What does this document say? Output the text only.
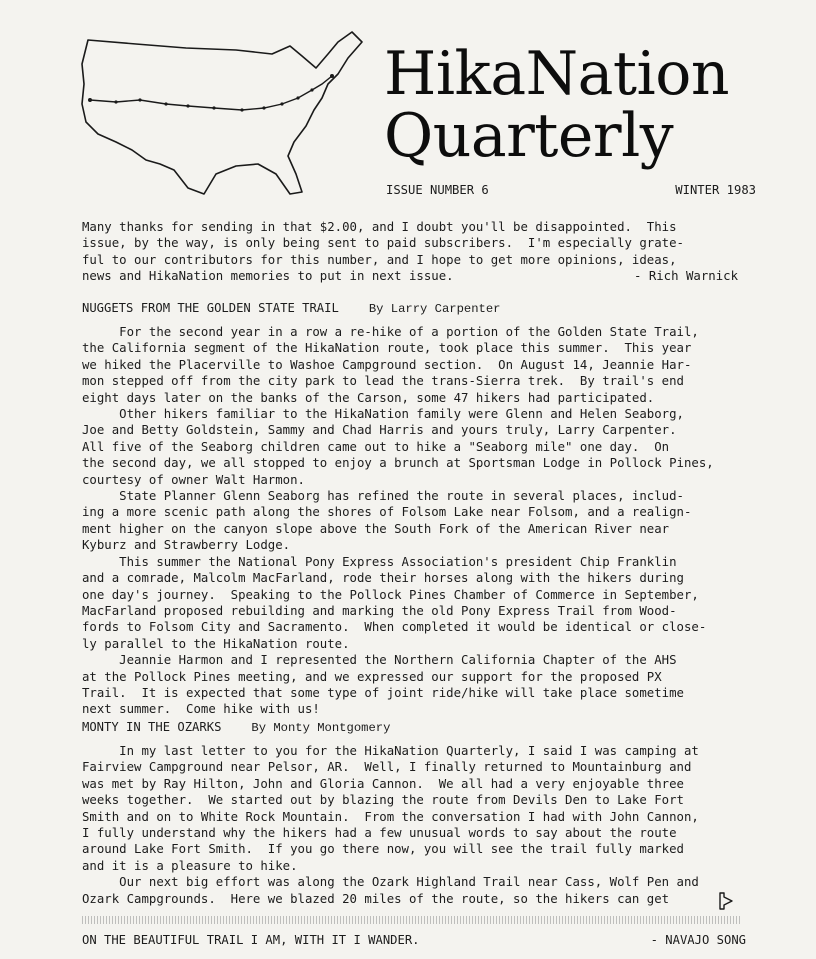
HikaNation
Quarterly
ISSUE NUMBER 6	WINTER 1983
Many thanks for sending in that $2.00, and I doubt you'll be disappointed.  This
issue, by the way, is only being sent to paid subscribers.  I'm especially grate-
ful to our contributors for this number, and I hope to get more opinions, ideas,
news and HikaNation memories to put in next issue.	- Rich Warnick
NUGGETS FROM THE GOLDEN STATE TRAIL By Larry Carpenter
For the second year in a row a re-hike of a portion of the Golden State Trail,
the California segment of the HikaNation route, took place this summer.  This year
we hiked the Placerville to Washoe Campground section.  On August 14, Jeannie Har-
mon stepped off from the city park to lead the trans-Sierra trek.  By trail's end
eight days later on the banks of the Carson, some 47 hikers had participated.
Other hikers familiar to the HikaNation family were Glenn and Helen Seaborg,
Joe and Betty Goldstein, Sammy and Chad Harris and yours truly, Larry Carpenter.
All five of the Seaborg children came out to hike a "Seaborg mile" one day.  On
the second day, we all stopped to enjoy a brunch at Sportsman Lodge in Pollock Pines,
courtesy of owner Walt Harmon.
State Planner Glenn Seaborg has refined the route in several places, includ-
ing a more scenic path along the shores of Folsom Lake near Folsom, and a realign-
ment higher on the canyon slope above the South Fork of the American River near
Kyburz and Strawberry Lodge.
This summer the National Pony Express Association's president Chip Franklin
and a comrade, Malcolm MacFarland, rode their horses along with the hikers during
one day's journey.  Speaking to the Pollock Pines Chamber of Commerce in September,
MacFarland proposed rebuilding and marking the old Pony Express Trail from Wood-
fords to Folsom City and Sacramento.  When completed it would be identical or close-
ly parallel to the HikaNation route.
Jeannie Harmon and I represented the Northern California Chapter of the AHS
at the Pollock Pines meeting, and we expressed our support for the proposed PX
Trail.  It is expected that some type of joint ride/hike will take place sometime
next summer.  Come hike with us!
MONTY IN THE OZARKS By Monty Montgomery
In my last letter to you for the HikaNation Quarterly, I said I was camping at
Fairview Campground near Pelsor, AR.  Well, I finally returned to Mountainburg and
was met by Ray Hilton, John and Gloria Cannon.  We all had a very enjoyable three
weeks together.  We started out by blazing the route from Devils Den to Lake Fort
Smith and on to White Rock Mountain.  From the conversation I had with John Cannon,
I fully understand why the hikers had a few unusual words to say about the route
around Lake Fort Smith.  If you go there now, you will see the trail fully marked
and it is a pleasure to hike.
Our next big effort was along the Ozark Highland Trail near Cass, Wolf Pen and
Ozark Campgrounds.  Here we blazed 20 miles of the route, so the hikers can get
ON THE BEAUTIFUL TRAIL I AM, WITH IT I WANDER.	- NAVAJO SONG
